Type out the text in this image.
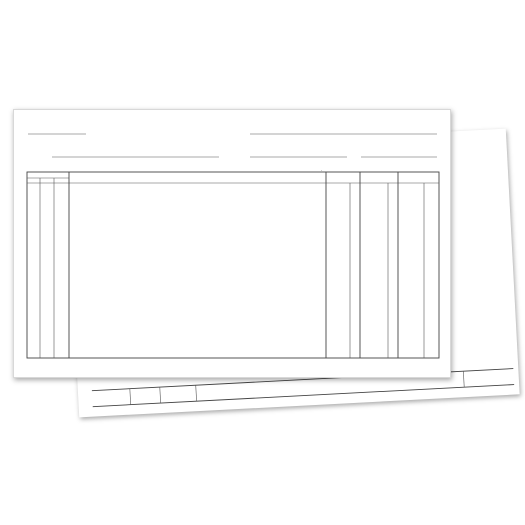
.
